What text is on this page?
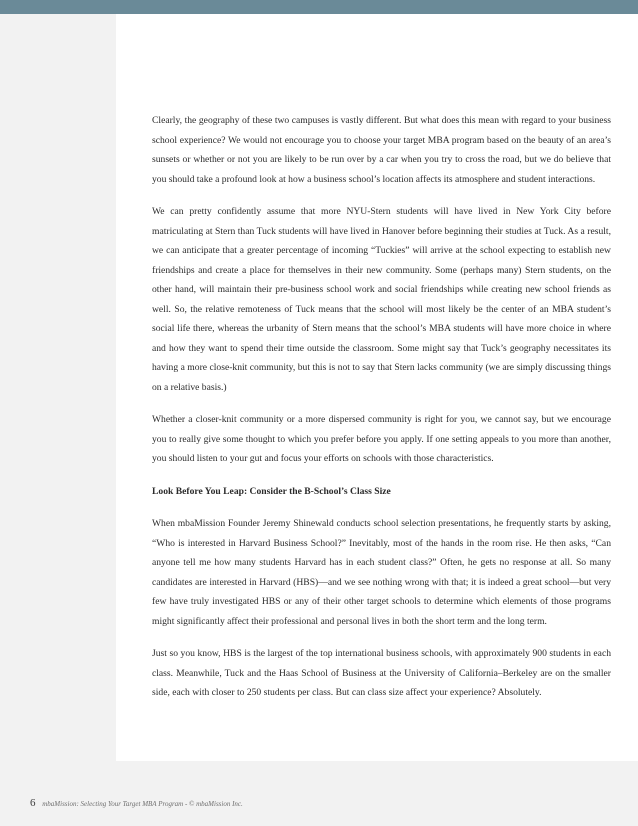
Clearly, the geography of these two campuses is vastly different. But what does this mean with regard to your business school experience? We would not encourage you to choose your target MBA program based on the beauty of an area’s sunsets or whether or not you are likely to be run over by a car when you try to cross the road, but we do believe that you should take a profound look at how a business school’s location affects its atmosphere and student interactions.

We can pretty confidently assume that more NYU-Stern students will have lived in New York City before matriculating at Stern than Tuck students will have lived in Hanover before beginning their studies at Tuck. As a result, we can anticipate that a greater percentage of incoming “Tuckies” will arrive at the school expecting to establish new friendships and create a place for themselves in their new community. Some (perhaps many) Stern students, on the other hand, will maintain their pre-business school work and social friendships while creating new school friends as well. So, the relative remoteness of Tuck means that the school will most likely be the center of an MBA student’s social life there, whereas the urbanity of Stern means that the school’s MBA students will have more choice in where and how they want to spend their time outside the classroom. Some might say that Tuck’s geography necessitates its having a more close-knit community, but this is not to say that Stern lacks community (we are simply discussing things on a relative basis.)

Whether a closer-knit community or a more dispersed community is right for you, we cannot say, but we encourage you to really give some thought to which you prefer before you apply. If one setting appeals to you more than another, you should listen to your gut and focus your efforts on schools with those characteristics.

Look Before You Leap: Consider the B-School’s Class Size

When mbaMission Founder Jeremy Shinewald conducts school selection presentations, he frequently starts by asking, “Who is interested in Harvard Business School?” Inevitably, most of the hands in the room rise. He then asks, “Can anyone tell me how many students Harvard has in each student class?” Often, he gets no response at all. So many candidates are interested in Harvard (HBS)—and we see nothing wrong with that; it is indeed a great school—but very few have truly investigated HBS or any of their other target schools to determine which elements of those programs might significantly affect their professional and personal lives in both the short term and the long term.

Just so you know, HBS is the largest of the top international business schools, with approximately 900 students in each class. Meanwhile, Tuck and the Haas School of Business at the University of California–Berkeley are on the smaller side, each with closer to 250 students per class. But can class size affect your experience? Absolutely.

6 mbaMission: Selecting Your Target MBA Program - © mbaMission Inc.
